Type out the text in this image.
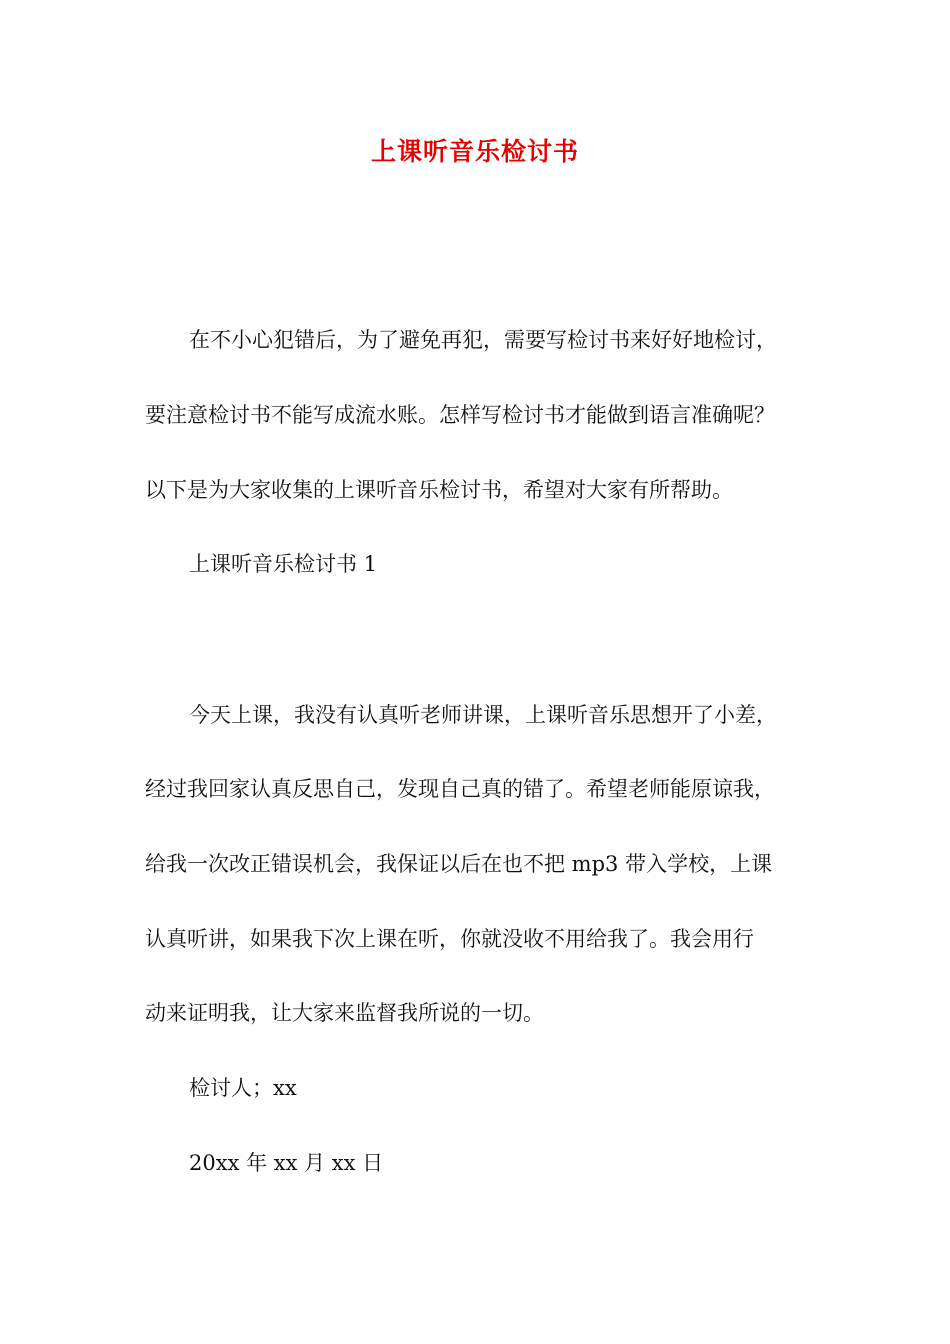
上课听音乐检讨书
在不小心犯错后，为了避免再犯，需要写检讨书来好好地检讨，
要注意检讨书不能写成流水账。怎样写检讨书才能做到语言准确呢？
以下是为大家收集的上课听音乐检讨书，希望对大家有所帮助。
上课听音乐检讨书 1
今天上课，我没有认真听老师讲课，上课听音乐思想开了小差，
经过我回家认真反思自己，发现自己真的错了。希望老师能原谅我，
给我一次改正错误机会，我保证以后在也不把 mp3 带入学校，上课
认真听讲，如果我下次上课在听，你就没收不用给我了。我会用行
动来证明我，让大家来监督我所说的一切。
检讨人；xx
20xx 年 xx 月 xx 日
